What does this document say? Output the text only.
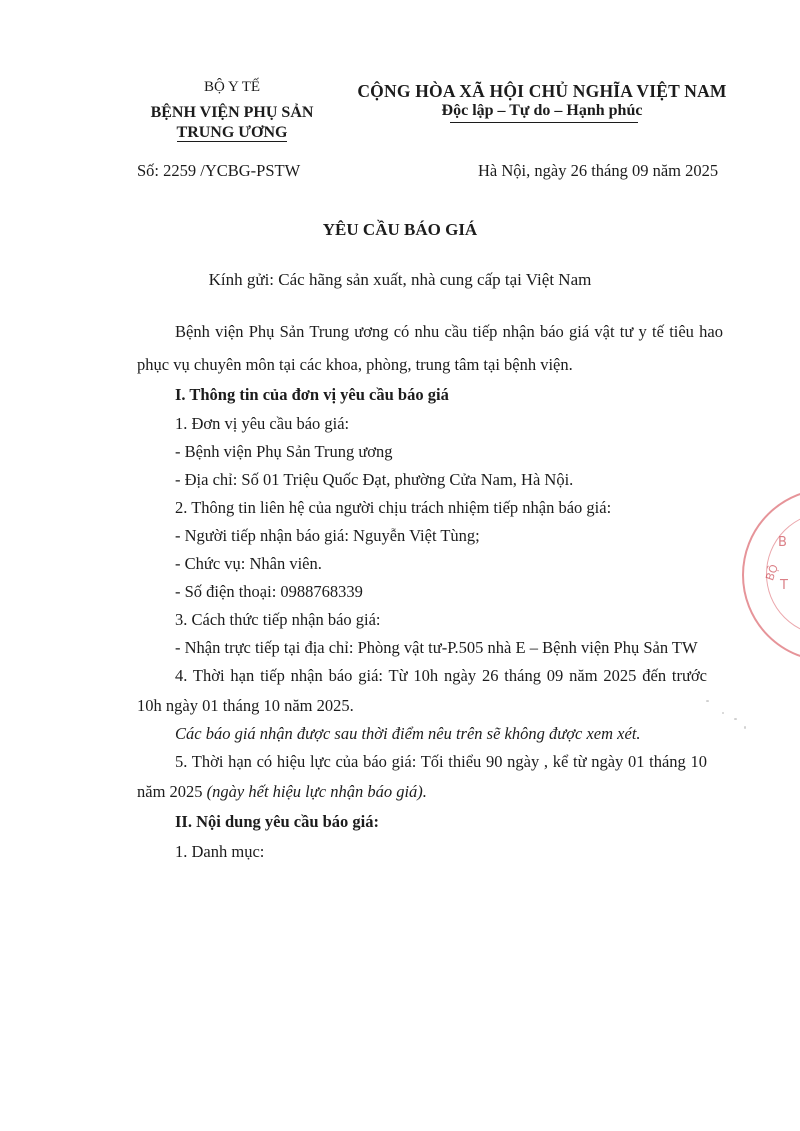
BỘ Y TẾ
BỆNH VIỆN PHỤ SẢN
TRUNG ƯƠNG
CỘNG HÒA XÃ HỘI CHỦ NGHĨA VIỆT NAM
Độc lập – Tự do – Hạnh phúc
Số: 2259 /YCBG-PSTW	Hà Nội, ngày 26 tháng 09 năm 2025
YÊU CẦU BÁO GIÁ
Kính gửi: Các hãng sản xuất, nhà cung cấp tại Việt Nam
Bệnh viện Phụ Sản Trung ương có nhu cầu tiếp nhận báo giá vật tư y tế tiêu hao
phục vụ chuyên môn tại các khoa, phòng, trung tâm tại bệnh viện.
I. Thông tin của đơn vị yêu cầu báo giá
1. Đơn vị yêu cầu báo giá:
- Bệnh viện Phụ Sản Trung ương
- Địa chỉ: Số 01 Triệu Quốc Đạt, phường Cửa Nam, Hà Nội.
2. Thông tin liên hệ của người chịu trách nhiệm tiếp nhận báo giá:
- Người tiếp nhận báo giá: Nguyễn Việt Tùng;
- Chức vụ: Nhân viên.
- Số điện thoại: 0988768339
3. Cách thức tiếp nhận báo giá:
- Nhận trực tiếp tại địa chỉ: Phòng vật tư-P.505 nhà E – Bệnh viện Phụ Sản TW
4. Thời hạn tiếp nhận báo giá: Từ 10h ngày 26 tháng 09 năm 2025 đến trước
10h ngày 01 tháng 10 năm 2025.
Các báo giá nhận được sau thời điểm nêu trên sẽ không được xem xét.
5. Thời hạn có hiệu lực của báo giá: Tối thiểu 90 ngày , kể từ ngày 01 tháng 10
năm 2025 (ngày hết hiệu lực nhận báo giá).
II. Nội dung yêu cầu báo giá:
1. Danh mục:
B
BỘ
T
